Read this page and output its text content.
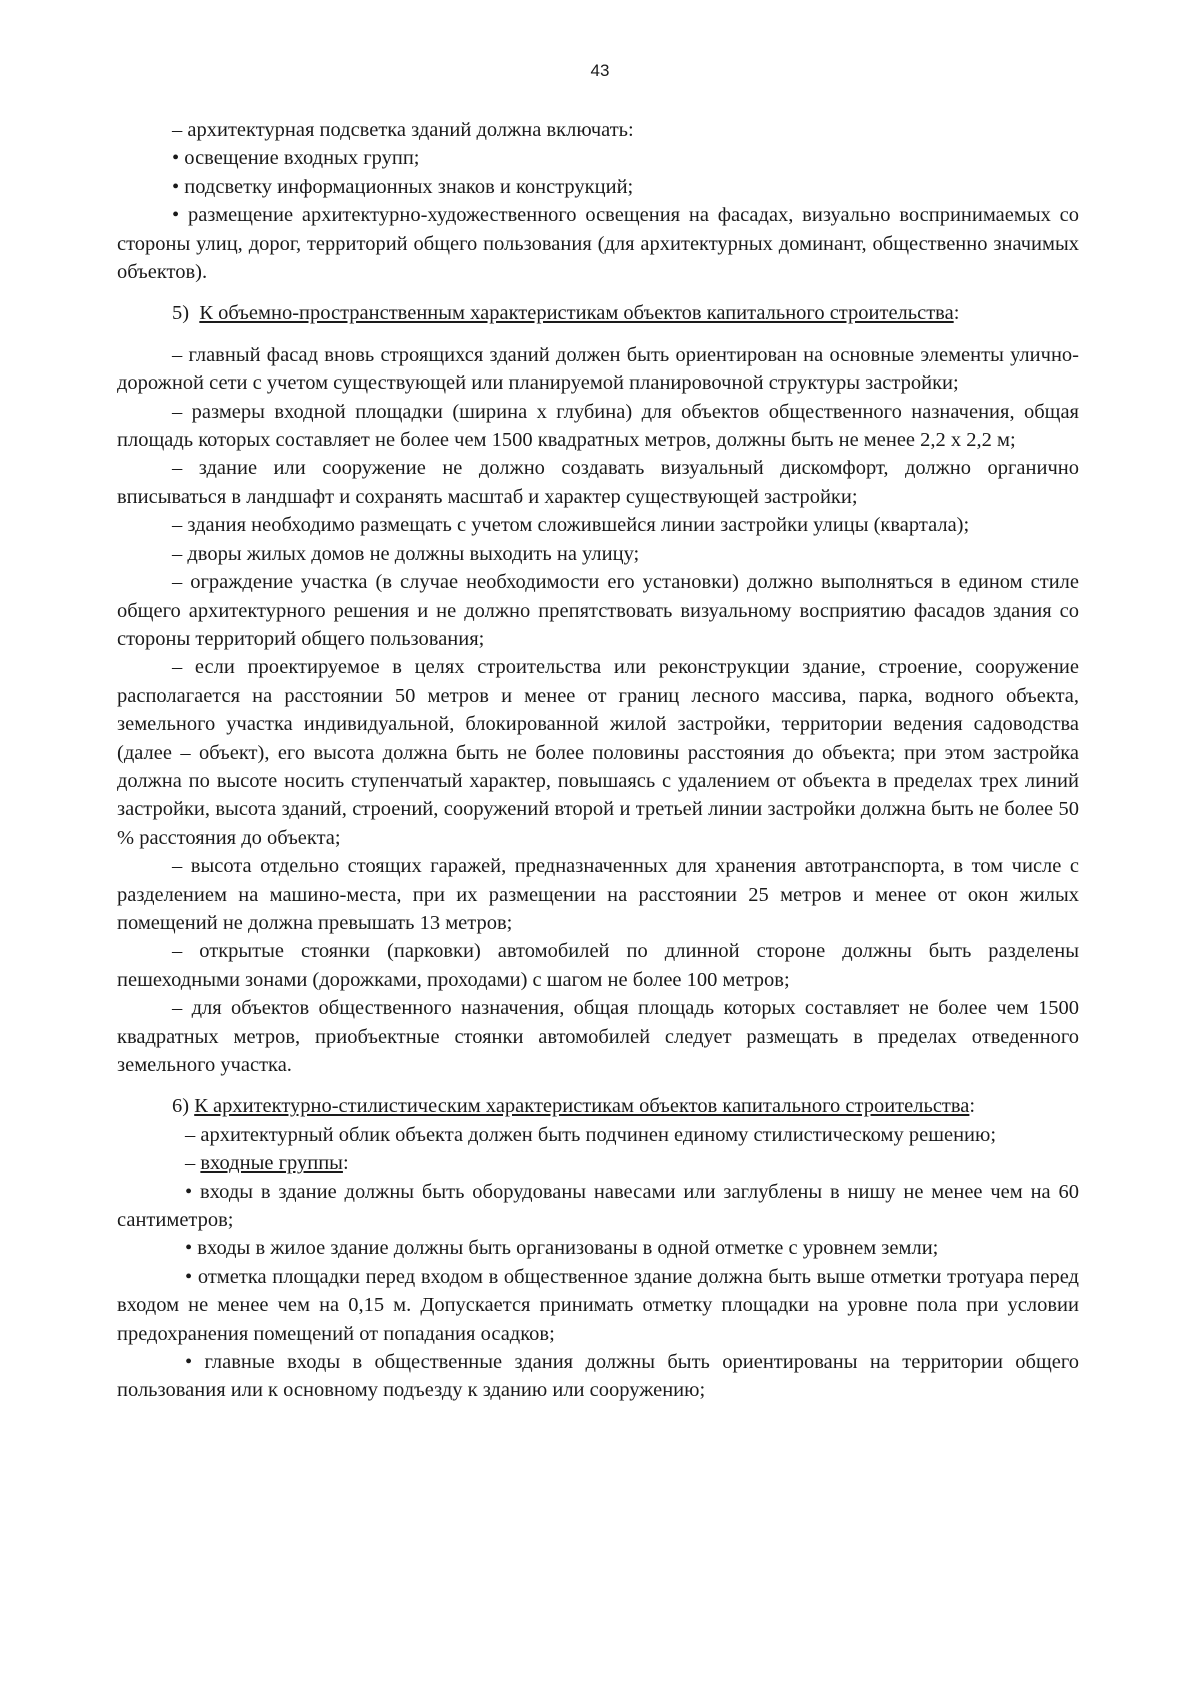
43

– архитектурная подсветка зданий должна включать:

• освещение входных групп;

• подсветку информационных знаков и конструкций;

• размещение архитектурно-художественного освещения на фасадах, визуально воспринимаемых со стороны улиц, дорог, территорий общего пользования (для архитектурных доминант, общественно значимых объектов).

5) К объемно-пространственным характеристикам объектов капитального строительства:

– главный фасад вновь строящихся зданий должен быть ориентирован на основные элементы улично-дорожной сети с учетом существующей или планируемой планировочной структуры застройки;

– размеры входной площадки (ширина х глубина) для объектов общественного назначения, общая площадь которых составляет не более чем 1500 квадратных метров, должны быть не менее 2,2 х 2,2 м;

– здание или сооружение не должно создавать визуальный дискомфорт, должно органично вписываться в ландшафт и сохранять масштаб и характер существующей застройки;

– здания необходимо размещать с учетом сложившейся линии застройки улицы (квартала);

– дворы жилых домов не должны выходить на улицу;

– ограждение участка (в случае необходимости его установки) должно выполняться в едином стиле общего архитектурного решения и не должно препятствовать визуальному восприятию фасадов здания со стороны территорий общего пользования;

– если проектируемое в целях строительства или реконструкции здание, строение, сооружение располагается на расстоянии 50 метров и менее от границ лесного массива, парка, водного объекта, земельного участка индивидуальной, блокированной жилой застройки, территории ведения садоводства (далее – объект), его высота должна быть не более половины расстояния до объекта; при этом застройка должна по высоте носить ступенчатый характер, повышаясь с удалением от объекта в пределах трех линий застройки, высота зданий, строений, сооружений второй и третьей линии застройки должна быть не более 50 % расстояния до объекта;

– высота отдельно стоящих гаражей, предназначенных для хранения автотранспорта, в том числе с разделением на машино-места, при их размещении на расстоянии 25 метров и менее от окон жилых помещений не должна превышать 13 метров;

– открытые стоянки (парковки) автомобилей по длинной стороне должны быть разделены пешеходными зонами (дорожками, проходами) с шагом не более 100 метров;

– для объектов общественного назначения, общая площадь которых составляет не более чем 1500 квадратных метров, приобъектные стоянки автомобилей следует размещать в пределах отведенного земельного участка.

6) К архитектурно-стилистическим характеристикам объектов капитального строительства:

– архитектурный облик объекта должен быть подчинен единому стилистическому решению;

– входные группы:

• входы в здание должны быть оборудованы навесами или заглублены в нишу не менее чем на 60 сантиметров;

• входы в жилое здание должны быть организованы в одной отметке с уровнем земли;

• отметка площадки перед входом в общественное здание должна быть выше отметки тротуара перед входом не менее чем на 0,15 м. Допускается принимать отметку площадки на уровне пола при условии предохранения помещений от попадания осадков;

• главные входы в общественные здания должны быть ориентированы на территории общего пользования или к основному подъезду к зданию или сооружению;
